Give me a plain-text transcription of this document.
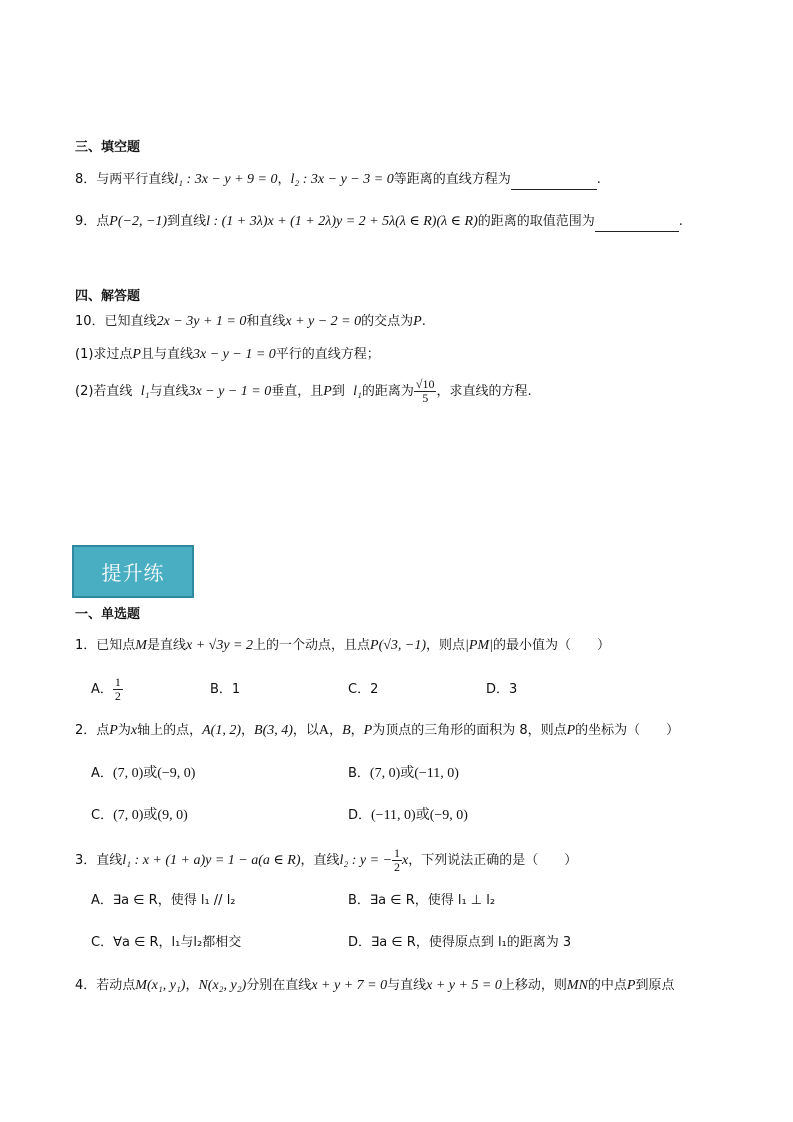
三、填空题
8．与两平行直线l₁ : 3x − y + 9 = 0，l₂ : 3x − y − 3 = 0等距离的直线方程为	.
9．点P(−2, −1)到直线l : (1 + 3λ)x + (1 + 2λ)y = 2 + 5λ(λ ∈ R)(λ ∈ R)的距离的取值范围为	.
四、解答题
10．已知直线2x − 3y + 1 = 0和直线x + y − 2 = 0的交点为P.
(1)求过点P且与直线3x − y − 1 = 0平行的直线方程；
(2)若直线 l₁与直线3x − y − 1 = 0垂直，且P到 l₁的距离为 $\frac{√10}{5}$ ，求直线的方程.
提升练
一、单选题
1．已知点M是直线x + √3y = 2上的一个动点，且点P(√3, −1)，则点|PM|的最小值为（　　）
A． $\frac{1}{2}$	B．1	C．2	D．3
2．点P为x轴上的点，A(1, 2)，B(3, 4)，以A，B，P为顶点的三角形的面积为 8，则点P的坐标为（　　）
A．(7, 0)或(−9, 0)	B．(7, 0)或(−11, 0)
C．(7, 0)或(9, 0)	D．(−11, 0)或(−9, 0)
3．直线l₁ : x + (1 + a)y = 1 − a(a ∈ R)，直线l₂ : y = − $\frac{1}{2}$ x，下列说法正确的是（　　）
A．∃a ∈ R，使得 l₁ // l₂	B．∃a ∈ R，使得 l₁ ⊥ l₂
C．∀a ∈ R，l₁与l₂都相交	D．∃a ∈ R，使得原点到 l₁的距离为 3
4．若动点M(x₁, y₁)，N(x₂, y₂)分别在直线x + y + 7 = 0与直线x + y + 5 = 0上移动，则MN的中点P到原点
